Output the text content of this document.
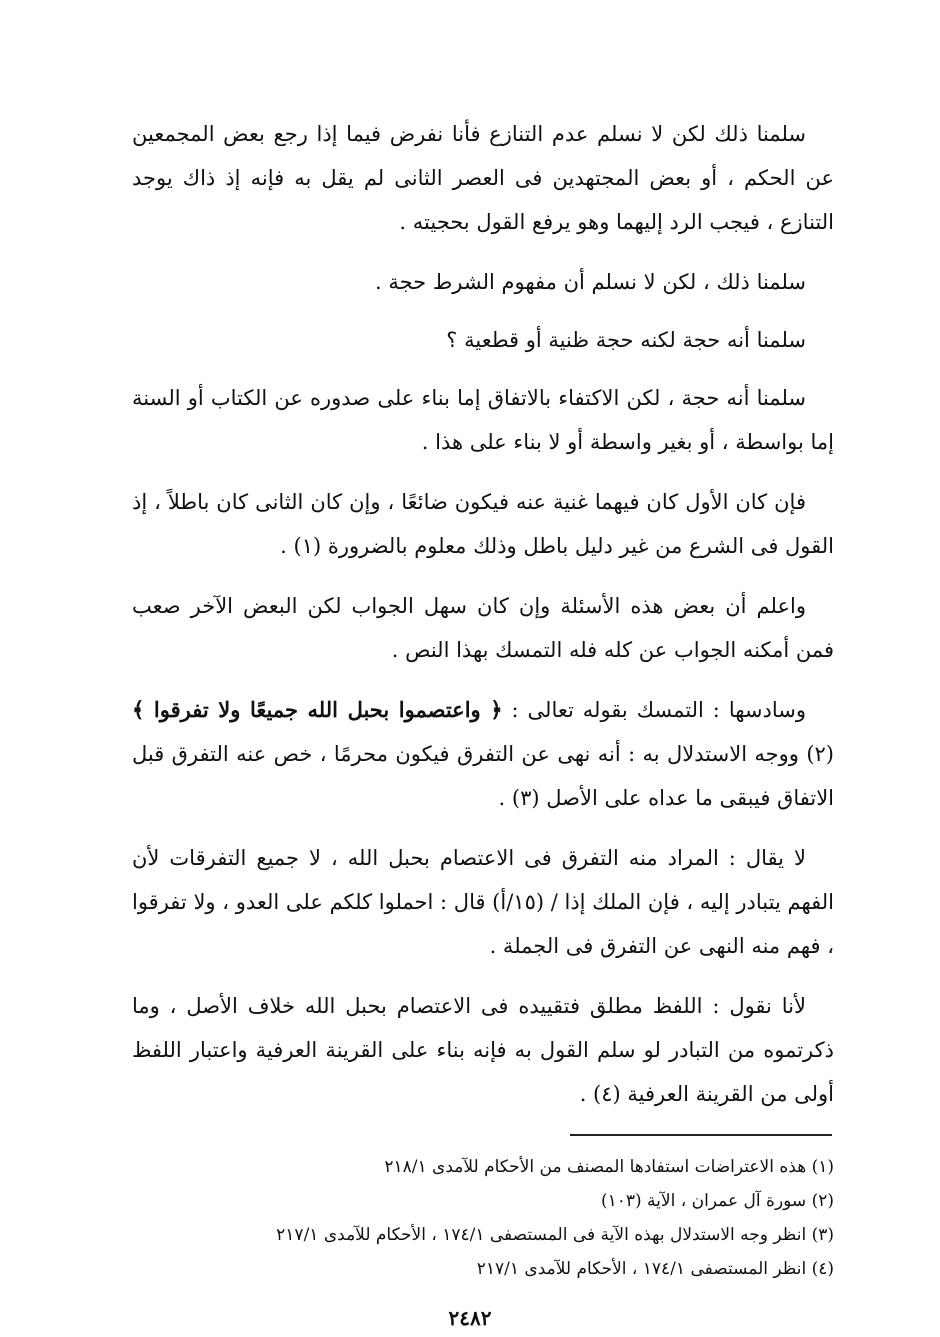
سلمنا ذلك لكن لا نسلم عدم التنازع فأنا نفرض فيما إذا رجع بعض المجمعين عن الحكم ، أو بعض المجتهدين فى العصر الثانى لم يقل به فإنه إذ ذاك يوجد التنازع ، فيجب الرد إليهما وهو يرفع القول بحجيته .

سلمنا ذلك ، لكن لا نسلم أن مفهوم الشرط حجة .

سلمنا أنه حجة لكنه حجة ظنية أو قطعية ؟

سلمنا أنه حجة ، لكن الاكتفاء بالاتفاق إما بناء على صدوره عن الكتاب أو السنة إما بواسطة ، أو بغير واسطة أو لا بناء على هذا .

فإن كان الأول كان فيهما غنية عنه فيكون ضائعًا ، وإن كان الثانى كان باطلاً ، إذ القول فى الشرع من غير دليل باطل وذلك معلوم بالضرورة (١) .

واعلم أن بعض هذه الأسئلة وإن كان سهل الجواب لكن البعض الآخر صعب فمن أمكنه الجواب عن كله فله التمسك بهذا النص .

وسادسها : التمسك بقوله تعالى : ﴿ واعتصموا بحبل الله جميعًا ولا تفرقوا ﴾ (٢) ووجه الاستدلال به : أنه نهى عن التفرق فيكون محرمًا ، خص عنه التفرق قبل الاتفاق فيبقى ما عداه على الأصل (٣) .

لا يقال : المراد منه التفرق فى الاعتصام بحبل الله ، لا جميع التفرقات لأن الفهم يتبادر إليه ، فإن الملك إذا / (١٥/أ) قال : احملوا كلكم على العدو ، ولا تفرقوا ، فهم منه النهى عن التفرق فى الجملة .

لأنا نقول : اللفظ مطلق فتقييده فى الاعتصام بحبل الله خلاف الأصل ، وما ذكرتموه من التبادر لو سلم القول به فإنه بناء على القرينة العرفية واعتبار اللفظ أولى من القرينة العرفية (٤) .

(١) هذه الاعتراضات استفادها المصنف من الأحكام للآمدى ٢١٨/١

(٢) سورة آل عمران ، الآية (١٠٣)

(٣) انظر وجه الاستدلال بهذه الآية فى المستصفى ١٧٤/١ ، الأحكام للآمدى ٢١٧/١

(٤) انظر المستصفى ١٧٤/١ ، الأحكام للآمدى ٢١٧/١

٢٤٨٢
